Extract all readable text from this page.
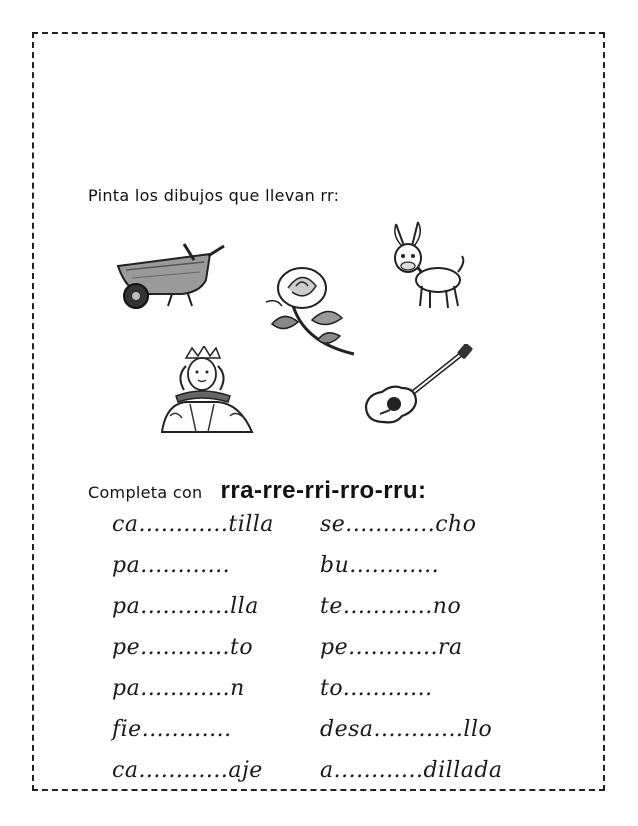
Pinta los dibujos que llevan rr:
Completa con rra-rre-rri-rro-rru:
ca............tilla
pa............
pa............lla
pe............to
pa............n
fie............
ca............aje
se............cho
bu............
te............no
pe............ra
to............
desa............llo
a............dillada
